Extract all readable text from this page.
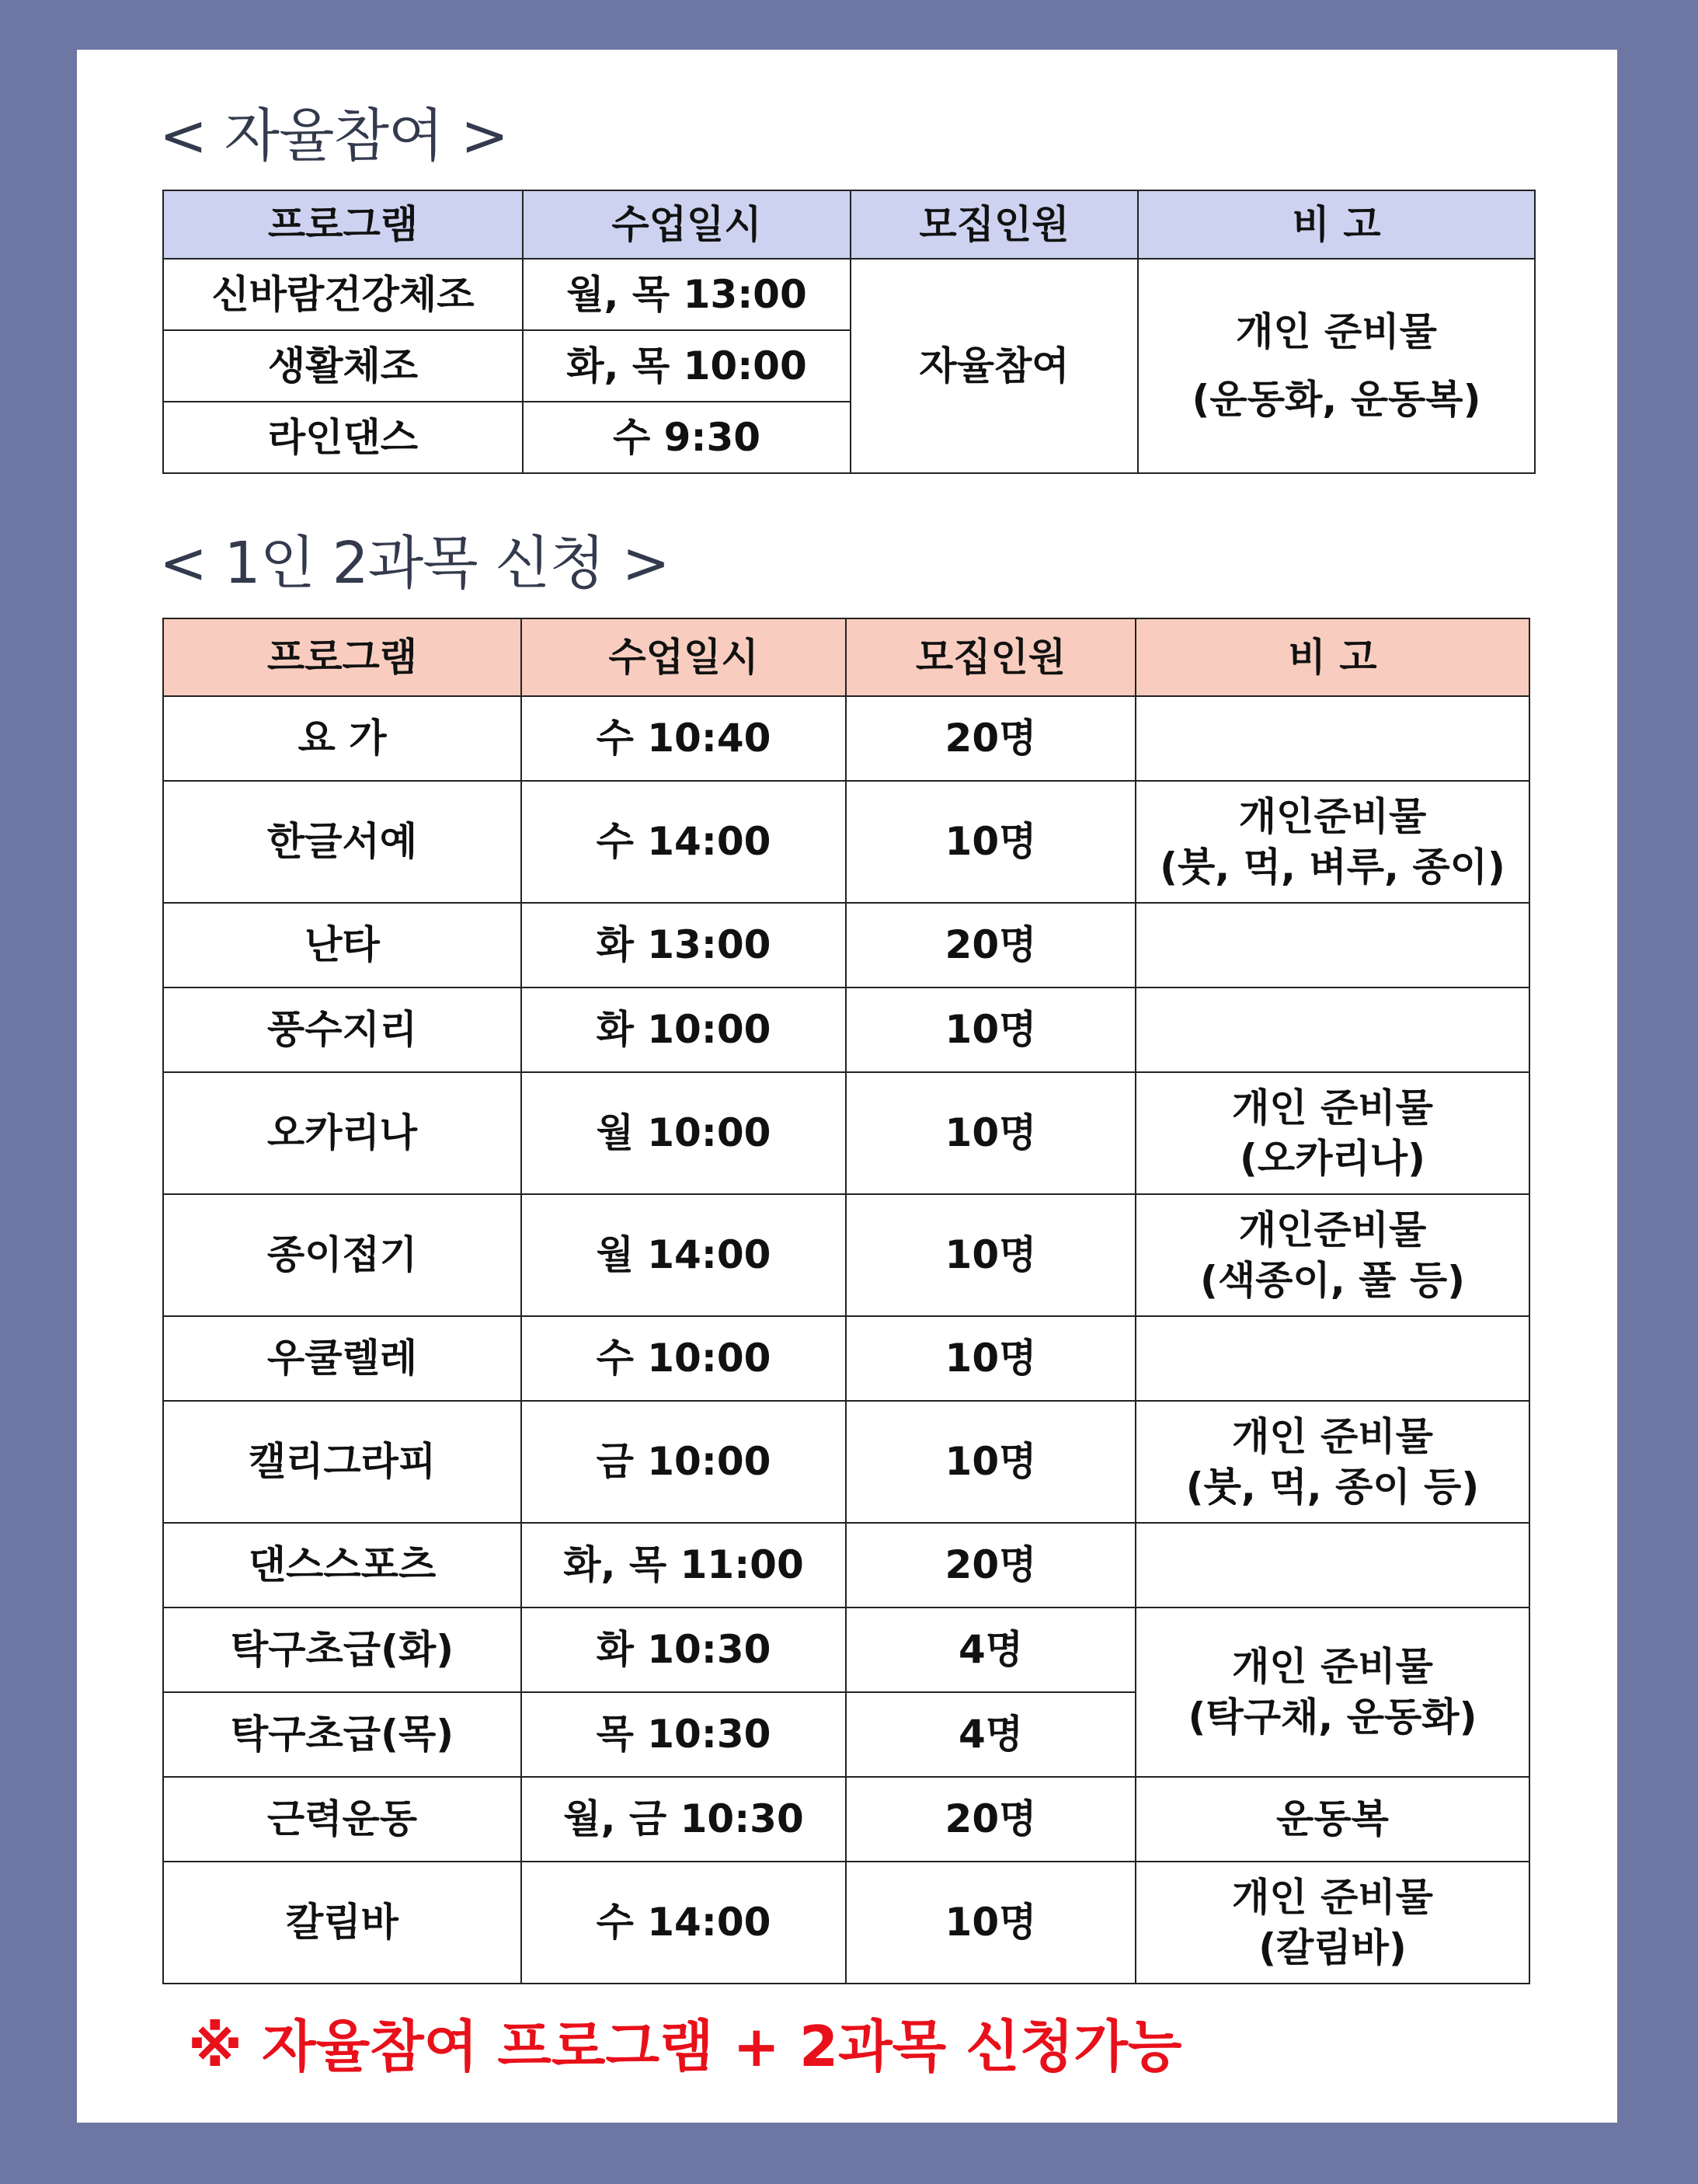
< 자율참여 >
프로그램	수업일시	모집인원	비 고
신바람건강체조	월, 목 13:00	자율참여	개인 준비물
(운동화, 운동복)

생활체조	화, 목 10:00		
라인댄스	수 9:30		
< 1인 2과목 신청 >
프로그램	수업일시	모집인원	비 고
요 가	수 10:40	20명	
한글서예	수 14:00	10명	개인준비물
(붓, 먹, 벼루, 종이)

난타	화 13:00	20명	
풍수지리	화 10:00	10명	
오카리나	월 10:00	10명	개인 준비물
(오카리나)

종이접기	월 14:00	10명	개인준비물
(색종이, 풀 등)

우쿨렐레	수 10:00	10명	
캘리그라피	금 10:00	10명	개인 준비물
(붓, 먹, 종이 등)

댄스스포츠	화, 목 11:00	20명	
탁구초급(화)	화 10:30	4명	개인 준비물
(탁구채, 운동화)

탁구초급(목)	목 10:30	4명	
근력운동	월, 금 10:30	20명	운동복
칼림바	수 14:00	10명	개인 준비물
(칼림바)

※ 자율참여 프로그램 + 2과목 신청가능
